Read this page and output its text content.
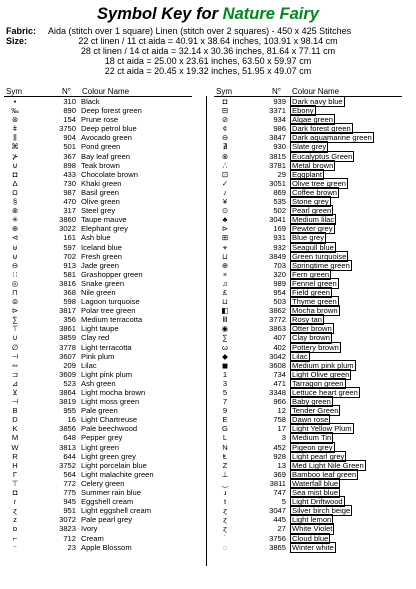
Symbol Key for Nature Fairy
Fabric: Aida (stitch over 1 square) Linen (stitch over 2 squares) - 450 x 425 Stitches
Size:	22 ct linen / 11 ct aida = 40.91 x 38.64 inches, 103.91 x 98.14 cm
28 ct linen / 14 ct aida = 32.14 x 30.36 inches, 81.64 x 77.11 cm
18 ct aida = 25.00 x 23.61 inches, 63.50 x 59.97 cm
22 ct aida = 20.45 x 19.32 inches, 51.95 x 49.07 cm
Sym	N° Colour Name	Sym	N° Colour Name
•	310 Black
‰	890 Deep forest green
⊛	154 Prune rose
ǂ	3750 Deep petrol blue
⫼	904 Avocado green
⌘	501 Pond green
⊁	367 Bay leaf green
⊍	898 Teak brown
◘	433 Chocolate brown
Δ	730 Khaki green
Ω	987 Basil green
§	470 Olive green
⊗	317 Steel grey
✳	3860 Taupe mauve
⊕	3022 Elephant grey
⊲	161 Ash blue
⊎	597 Iceland blue
⊍	702 Fresh green
⊖	913 Jade green
∷	581 Grashopper green
◎	3816 Snake green
⊓	368 Nile green
⊜	598 Lagoon turquoise
⊳	3817 Polar tree green
∑	356 Medium terracotta
⊤	3861 Light taupe
∪	3859 Clay red
∅	3778 Light terracotta
⊣	3607 Pink plum
∾	209 Lilac
⊐	3609 Light pink plum
⊿	523 Ash green
⊻	3864 Light mocha brown
⊣	3819 Light moss green
B	955 Pale green
D	16 Light Chartreuse
K	3856 Pale beechwood
M	648 Pepper grey
W	3813 Light green
R	644 Light green grey
H	3752 Light porcelain blue
Γ	564 Light malachite green
⊤	772 Celery green
◘	775 Summer rain blue
ɾ	945 Eggshell cream
ɀ	951 Light eggshell cream
ᴢ	3072 Pale pearl grey
ɒ	3823 Ivory
⌐	712 Cream
⁻	23 Apple Blossom
◘	939 Dark navy blue
⊟	3371 Ebony
⊘	934 Algae green
¢	986 Dark forest green
⊖	3847 Dark aquamarine green
∄	930 Slate grey
⊗	3815 Eucalyptus Green
∴	3781 Metal brown
⊡	29 Eggplant
✓	3051 Olive tree green
♪	869 Coffee brown
¥	535 Stone grey
⊙	502 Pearl green
♣	3041 Medium lilac
⊳	169 Pewter grey
⊞	931 Blue grey
⌖	932 Seagull blue
⊔	3849 Green turquoise
⊕	703 Springtime green
×	320 Fern green
♫	989 Fennel green
£	954 Field green
⊔	503 Thyme green
◧	3862 Mocha brown
Ⅲ	3772 Rosy tan
◉	3863 Otter brown
∑	407 Clay brown
ω	402 Pottery brown
◆	3042 Lilac
◼	3608 Medium pink plum
1	734 Light Olive green
3	471 Tarragon green
5	3348 Lettuce heart green
7	966 Baby green
9	12 Tender Green
E	758 Dawn rose
G	17 Light Yellow Plum
L	3 Medium Tin
N	452 Pigeon grey
Ⱡ	928 Light pearl grey
Z	13 Med Light Nile Green
⊥	369 Bamboo leaf green
‿	3811 Waterfall blue
ɹ	747 Sea mist blue
t	5 Light Driftwood
ɀ	3047 Silver birch beige
ɀ	445 Light lemon
ɀ	27 White Violet
˙	3756 Cloud blue
◌	3865 Winter white
